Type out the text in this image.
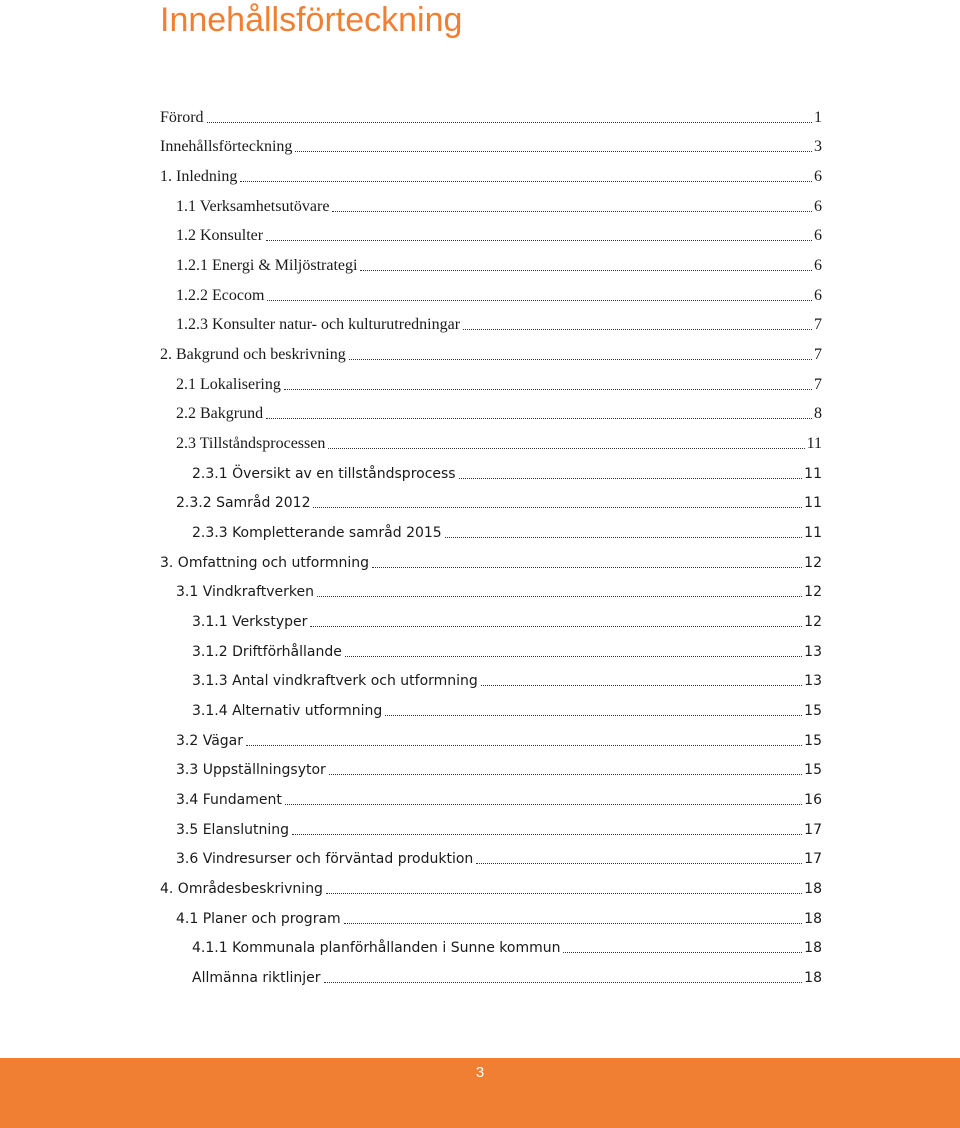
Innehållsförteckning
Förord	1
Innehållsförteckning	3
1. Inledning	6
1.1 Verksamhetsutövare	6
1.2 Konsulter	6
1.2.1 Energi & Miljöstrategi	6
1.2.2 Ecocom	6
1.2.3 Konsulter natur- och kulturutredningar	7
2. Bakgrund och beskrivning	7
2.1 Lokalisering	7
2.2 Bakgrund	8
2.3 Tillståndsprocessen	11
2.3.1 Översikt av en tillståndsprocess	11
2.3.2 Samråd 2012	11
2.3.3 Kompletterande samråd 2015	11
3. Omfattning och utformning	12
3.1 Vindkraftverken	12
3.1.1 Verkstyper	12
3.1.2 Driftförhållande	13
3.1.3 Antal vindkraftverk och utformning	13
3.1.4 Alternativ utformning	15
3.2 Vägar	15
3.3 Uppställningsytor	15
3.4 Fundament	16
3.5 Elanslutning	17
3.6 Vindresurser och förväntad produktion	17
4. Områdesbeskrivning	18
4.1 Planer och program	18
4.1.1 Kommunala planförhållanden i Sunne kommun	18
Allmänna riktlinjer	18
3
